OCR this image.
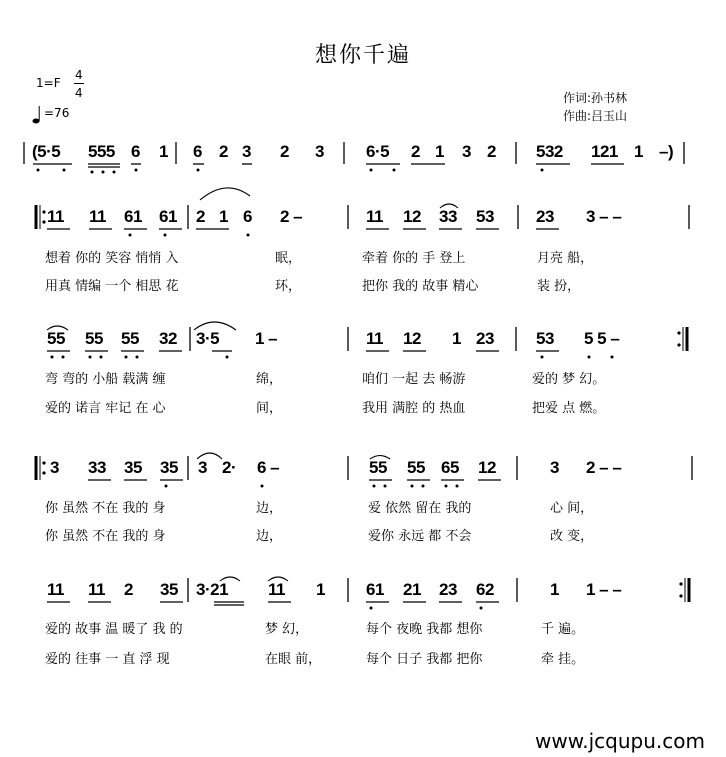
想你千遍
1=F
4
4
=76
作词:孙书林
作曲:吕玉山
(5·5 555 6 1 6 2 3 2 3 6·5 2 1 3 2 532 121 1 –)
11 11 61 61 2 1 6 2 –	11 12 33 53 23 3 – –
想着 你的 笑容 悄悄 入	眠，	牵着 你的 手 登上	月亮 船，
用真 情编 一个 相思 花	环，	把你 我的 故事 精心	装 扮，
55 55 55 32 3·5 1 –	11 12 1 23 53 5 5 –
弯 弯的 小船 载满 缠	绵，	咱们 一起 去 畅游	爱的 梦 幻。
爱的 诺言 牢记 在 心	间，	我用 满腔 的 热血	把爱 点 燃。
3 33 35 35 3 2· 6 –	55 55 65 12	3 2 – –
你 虽然 不在 我的 身	边，	爱 依然 留在 我的	心 间，
你 虽然 不在 我的 身	边，	爱你 永远 都 不会	改 变，
11 11 2 35 3·21 11 1 61 21 23 62	1 1 – –
爱的 故事 温 暖了 我 的	梦 幻，	每个 夜晚 我都 想你	千 遍。
爱的 往事 一 直 浮 现	在眼 前，	每个 日子 我都 把你	牵 挂。
www.jcqupu.com
